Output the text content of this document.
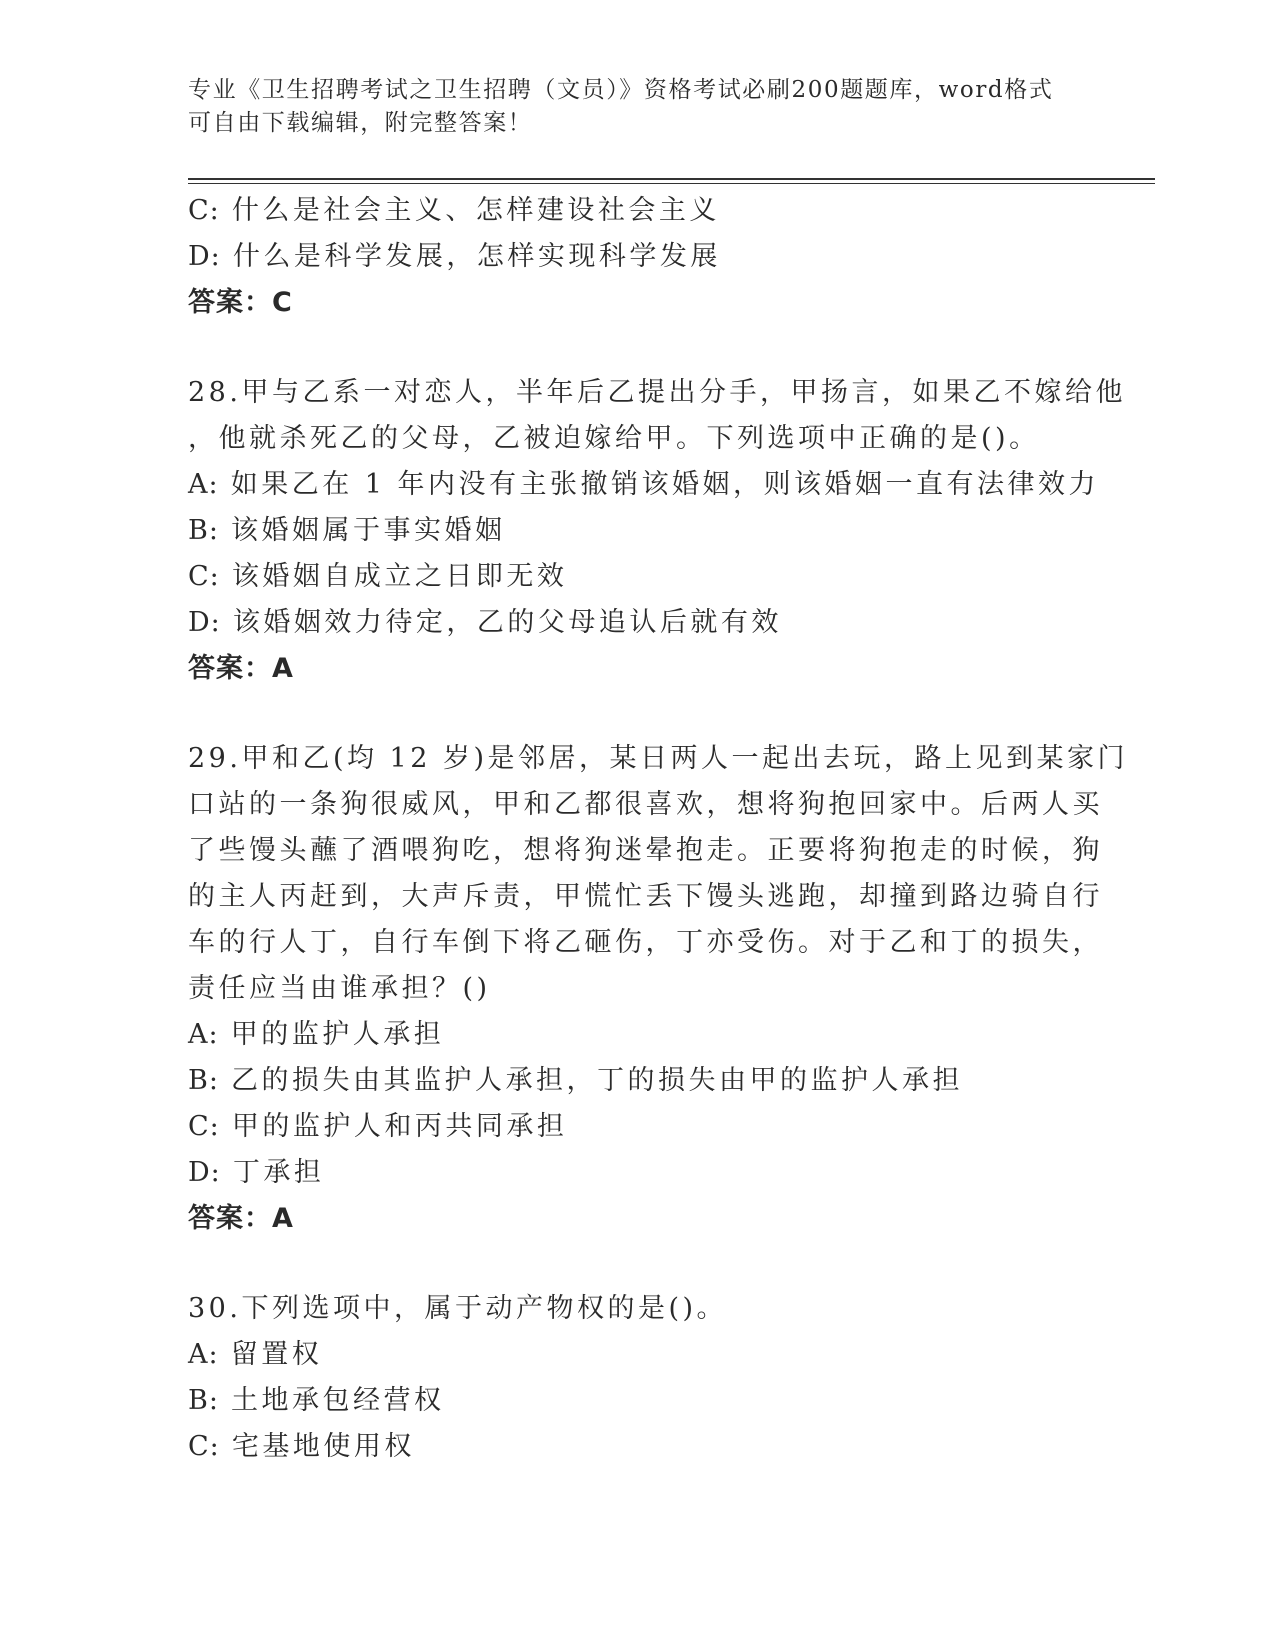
专业《卫生招聘考试之卫生招聘（文员）》资格考试必刷200题题库，word格式
可自由下载编辑，附完整答案！
C: 什么是社会主义、怎样建设社会主义
D: 什么是科学发展，怎样实现科学发展
答案：C
28.甲与乙系一对恋人，半年后乙提出分手，甲扬言，如果乙不嫁给他
，他就杀死乙的父母，乙被迫嫁给甲。下列选项中正确的是()。
A: 如果乙在 1 年内没有主张撤销该婚姻，则该婚姻一直有法律效力
B: 该婚姻属于事实婚姻
C: 该婚姻自成立之日即无效
D: 该婚姻效力待定，乙的父母追认后就有效
答案：A
29.甲和乙(均 12 岁)是邻居，某日两人一起出去玩，路上见到某家门
口站的一条狗很威风，甲和乙都很喜欢，想将狗抱回家中。后两人买
了些馒头蘸了酒喂狗吃，想将狗迷晕抱走。正要将狗抱走的时候，狗
的主人丙赶到，大声斥责，甲慌忙丢下馒头逃跑，却撞到路边骑自行
车的行人丁，自行车倒下将乙砸伤，丁亦受伤。对于乙和丁的损失，
责任应当由谁承担？()
A: 甲的监护人承担
B: 乙的损失由其监护人承担，丁的损失由甲的监护人承担
C: 甲的监护人和丙共同承担
D: 丁承担
答案：A
30.下列选项中，属于动产物权的是()。
A: 留置权
B: 土地承包经营权
C: 宅基地使用权
